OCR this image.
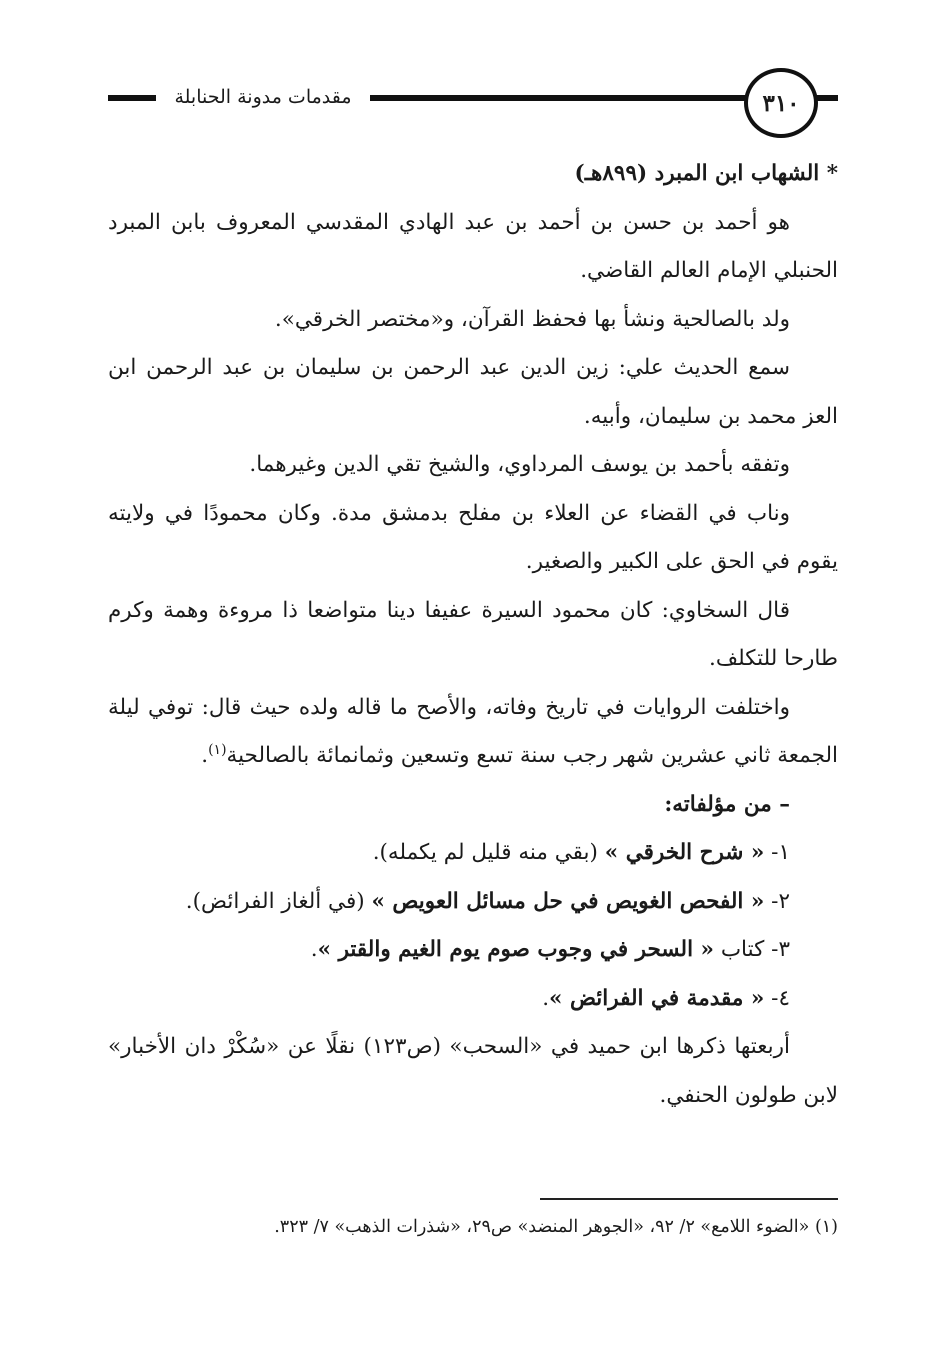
٣١٠
مقدمات مدونة الحنابلة

* الشهاب ابن المبرد (٨٩٩هـ)

هو أحمد بن حسن بن أحمد بن عبد الهادي المقدسي المعروف بابن المبرد الحنبلي الإمام العالم القاضي.

ولد بالصالحية ونشأ بها فحفظ القرآن، و«مختصر الخرقي».

سمع الحديث علي: زين الدين عبد الرحمن بن سليمان بن عبد الرحمن ابن العز محمد بن سليمان، وأبيه.

وتفقه بأحمد بن يوسف المرداوي، والشيخ تقي الدين وغيرهما.

وناب في القضاء عن العلاء بن مفلح بدمشق مدة. وكان محمودًا في ولايته يقوم في الحق على الكبير والصغير.

قال السخاوي: كان محمود السيرة عفيفا دينا متواضعا ذا مروءة وهمة وكرم طارحا للتكلف.

واختلفت الروايات في تاريخ وفاته، والأصح ما قاله ولده حيث قال: توفي ليلة الجمعة ثاني عشرين شهر رجب سنة تسع وتسعين وثمانمائة بالصالحية$^{(١)}$.

– من مؤلفاته:

١- « شرح الخرقي » (بقي منه قليل لم يكمله).

٢- « الفحص الغويص في حل مسائل العويص » (في ألغاز الفرائض).

٣- كتاب « السحر في وجوب صوم يوم الغيم والقتر ».

٤- « مقدمة في الفرائض ».

أربعتها ذكرها ابن حميد في «السحب» (ص١٢٣) نقلًا عن «سُكْرْ دان الأخبار» لابن طولون الحنفي.

(١) «الضوء اللامع» ٢/ ٩٢، «الجوهر المنضد» ص٢٩، «شذرات الذهب» ٧/ ٣٢٣.
